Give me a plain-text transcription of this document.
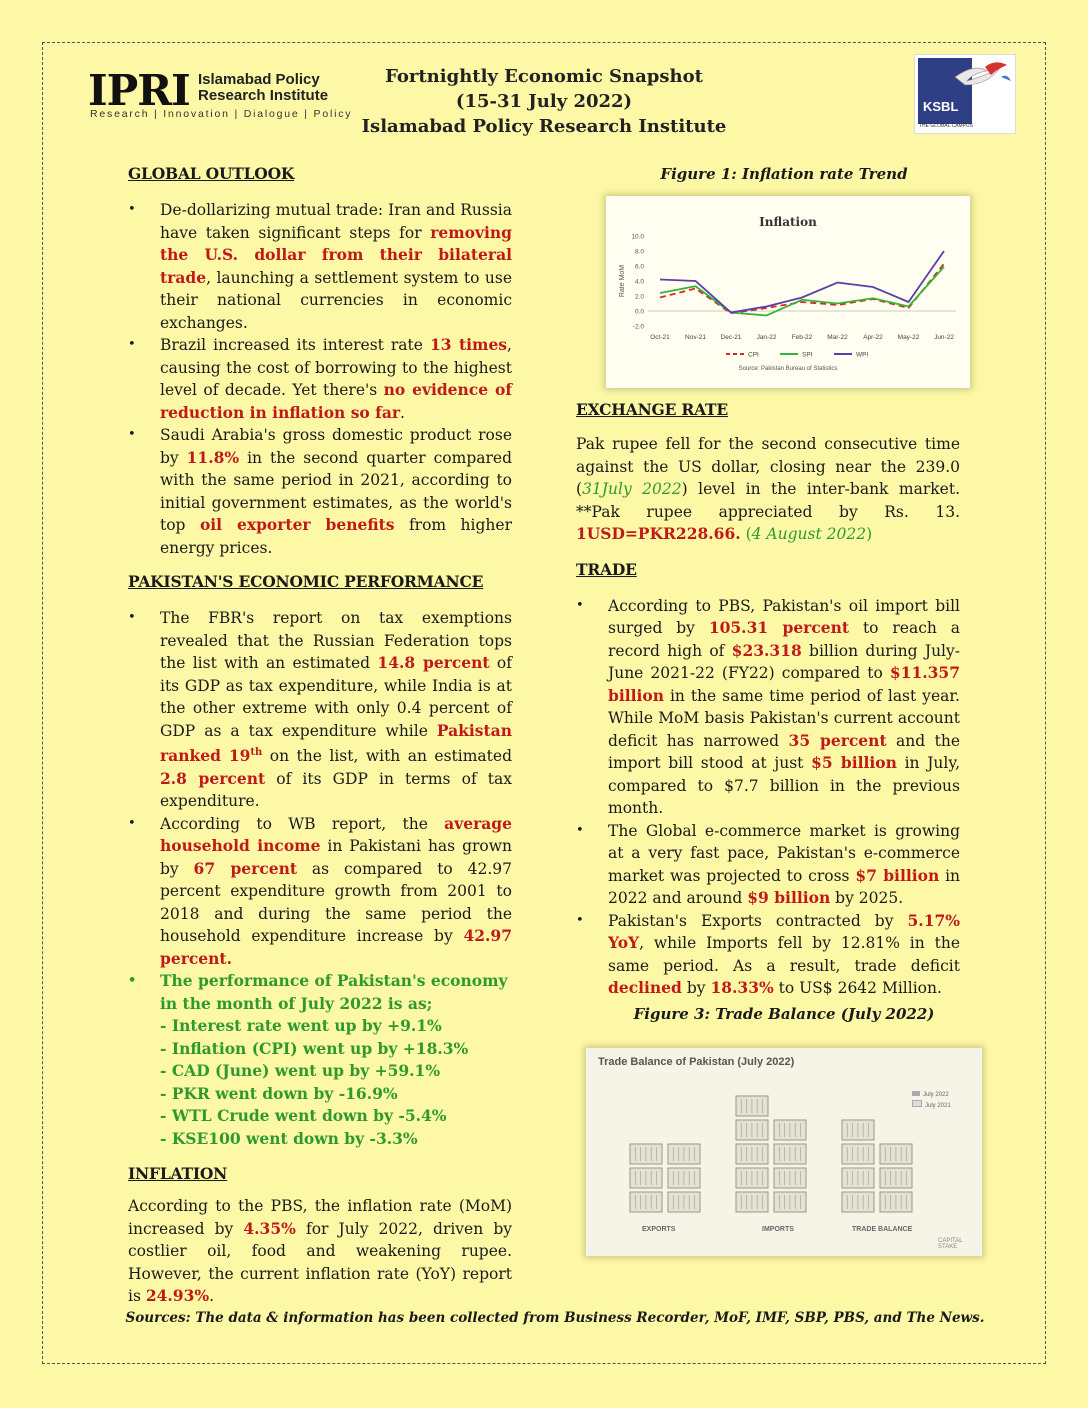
IPRI Islamabad Policy
Research Institute
Research | Innovation | Dialogue | Policy
Fortnightly Economic Snapshot
(15-31 July 2022)
Islamabad Policy Research Institute
KSBL
THE GLOBAL CAMPUS
GLOBAL OUTLOOK
• De-dollarizing mutual trade: Iran and Russia have taken significant steps for removing the U.S. dollar from their bilateral trade, launching a settlement system to use their national currencies in economic exchanges.
• Brazil increased its interest rate 13 times, causing the cost of borrowing to the highest level of decade. Yet there's no evidence of reduction in inflation so far.
• Saudi Arabia's gross domestic product rose by 11.8% in the second quarter compared with the same period in 2021, according to initial government estimates, as the world's top oil exporter benefits from higher energy prices.
PAKISTAN'S ECONOMIC PERFORMANCE
• The FBR's report on tax exemptions revealed that the Russian Federation tops the list with an estimated 14.8 percent of its GDP as tax expenditure, while India is at the other extreme with only 0.4 percent of GDP as a tax expenditure while Pakistan ranked 19th on the list, with an estimated 2.8 percent of its GDP in terms of tax expenditure.
• According to WB report, the average household income in Pakistani has grown by 67 percent as compared to 42.97 percent expenditure growth from 2001 to 2018 and during the same period the household expenditure increase by 42.97 percent.
• The performance of Pakistan's economy in the month of July 2022 is as;
- Interest rate went up by +9.1%
- Inflation (CPI) went up by +18.3%
- CAD (June) went up by +59.1%
- PKR went down by -16.9%
- WTL Crude went down by -5.4%
- KSE100 went down by -3.3%
INFLATION

According to the PBS, the inflation rate (MoM) increased by 4.35% for July 2022, driven by costlier oil, food and weakening rupee. However, the current inflation rate (YoY) report is 24.93%.

Figure 1: Inflation rate Trend
Inflation
Rate MoM
10.0
8.0
6.0
4.0
2.0
0.0
-2.0
Oct-21 Nov-21 Dec-21 Jan-22 Feb-22 Mar-22 Apr-22 May-22 Jun-22
CPI	SPI	WPI
Source: Pakistan Bureau of Statistics
EXCHANGE RATE

Pak rupee fell for the second consecutive time against the US dollar, closing near the 239.0 (31July 2022) level in the inter-bank market. **Pak rupee appreciated by Rs. 13. 1USD=PKR228.66. (4 August 2022)

TRADE
• According to PBS, Pakistan's oil import bill surged by 105.31 percent to reach a record high of $23.318 billion during July-June 2021-22 (FY22) compared to $11.357 billion in the same time period of last year. While MoM basis Pakistan's current account deficit has narrowed 35 percent and the import bill stood at just $5 billion in July, compared to $7.7 billion in the previous month.
• The Global e-commerce market is growing at a very fast pace, Pakistan's e-commerce market was projected to cross $7 billion in 2022 and around $9 billion by 2025.
• Pakistan's Exports contracted by 5.17% YoY, while Imports fell by 12.81% in the same period. As a result, trade deficit declined by 18.33% to US$ 2642 Million.
Figure 3: Trade Balance (July 2022)
Trade Balance of Pakistan (July 2022)
July 2022
July 2021
EXPORTS	IMPORTS	TRADE BALANCE
CAPITAL STAKE
Sources: The data & information has been collected from Business Recorder, MoF, IMF, SBP, PBS, and The News.
